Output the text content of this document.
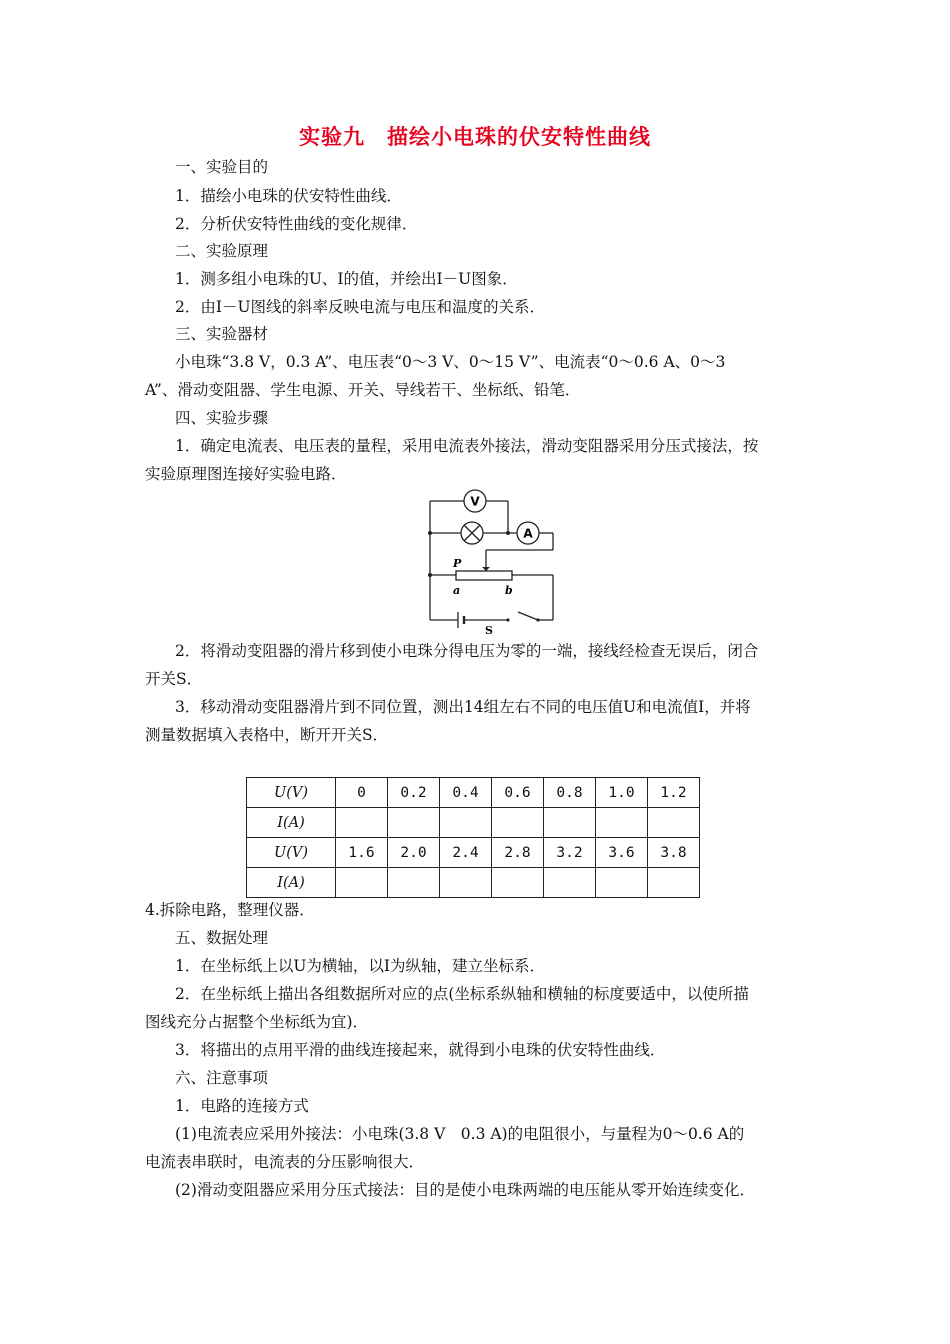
实验九　描绘小电珠的伏安特性曲线
一、实验目的
1．描绘小电珠的伏安特性曲线．
2．分析伏安特性曲线的变化规律．
二、实验原理
1．测多组小电珠的U、I的值，并绘出I－U图象．
2．由I－U图线的斜率反映电流与电压和温度的关系．
三、实验器材
小电珠“3.8 V，0.3 A”、电压表“0～3 V、0～15 V”、电流表“0～0.6 A、0～3
A”、滑动变阻器、学生电源、开关、导线若干、坐标纸、铅笔．
四、实验步骤
1．确定电流表、电压表的量程，采用电流表外接法，滑动变阻器采用分压式接法，按
实验原理图连接好实验电路．
V
A
P
a	b
S
2．将滑动变阻器的滑片移到使小电珠分得电压为零的一端，接线经检查无误后，闭合
开关S．
3．移动滑动变阻器滑片到不同位置，测出14组左右不同的电压值U和电流值I，并将
测量数据填入表格中，断开开关S．
U(V)	0	0.2	0.4	0.6	0.8	1.0	1.2
I(A)							
U(V)	1.6	2.0	2.4	2.8	3.2	3.6	3.8
I(A)							
4.拆除电路，整理仪器．
五、数据处理
1．在坐标纸上以U为横轴，以I为纵轴，建立坐标系．
2．在坐标纸上描出各组数据所对应的点(坐标系纵轴和横轴的标度要适中，以使所描
图线充分占据整个坐标纸为宜)．
3．将描出的点用平滑的曲线连接起来，就得到小电珠的伏安特性曲线．
六、注意事项
1．电路的连接方式
(1)电流表应采用外接法：小电珠(3.8 V　0.3 A)的电阻很小，与量程为0～0.6 A的
电流表串联时，电流表的分压影响很大．
(2)滑动变阻器应采用分压式接法：目的是使小电珠两端的电压能从零开始连续变化．
